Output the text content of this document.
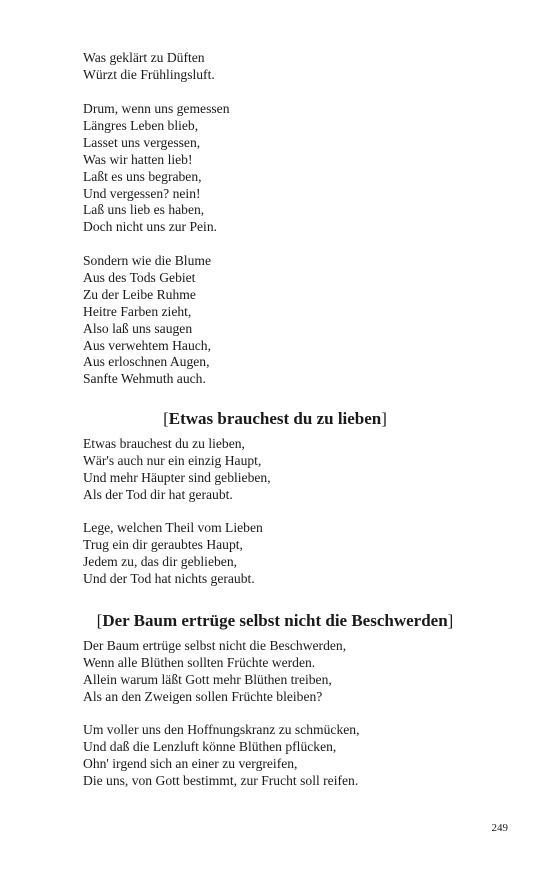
Was geklärt zu Düften
Würzt die Frühlingsluft.
Drum, wenn uns gemessen
Längres Leben blieb,
Lasset uns vergessen,
Was wir hatten lieb!
Laßt es uns begraben,
Und vergessen? nein!
Laß uns lieb es haben,
Doch nicht uns zur Pein.
Sondern wie die Blume
Aus des Tods Gebiet
Zu der Leibe Ruhme
Heitre Farben zieht,
Also laß uns saugen
Aus verwehtem Hauch,
Aus erloschnen Augen,
Sanfte Wehmuth auch.
[Etwas brauchest du zu lieben]
Etwas brauchest du zu lieben,
Wär's auch nur ein einzig Haupt,
Und mehr Häupter sind geblieben,
Als der Tod dir hat geraubt.
Lege, welchen Theil vom Lieben
Trug ein dir geraubtes Haupt,
Jedem zu, das dir geblieben,
Und der Tod hat nichts geraubt.
[Der Baum ertrüge selbst nicht die Beschwerden]
Der Baum ertrüge selbst nicht die Beschwerden,
Wenn alle Blüthen sollten Früchte werden.
Allein warum läßt Gott mehr Blüthen treiben,
Als an den Zweigen sollen Früchte bleiben?
Um voller uns den Hoffnungskranz zu schmücken,
Und daß die Lenzluft könne Blüthen pflücken,
Ohn' irgend sich an einer zu vergreifen,
Die uns, von Gott bestimmt, zur Frucht soll reifen.
249
